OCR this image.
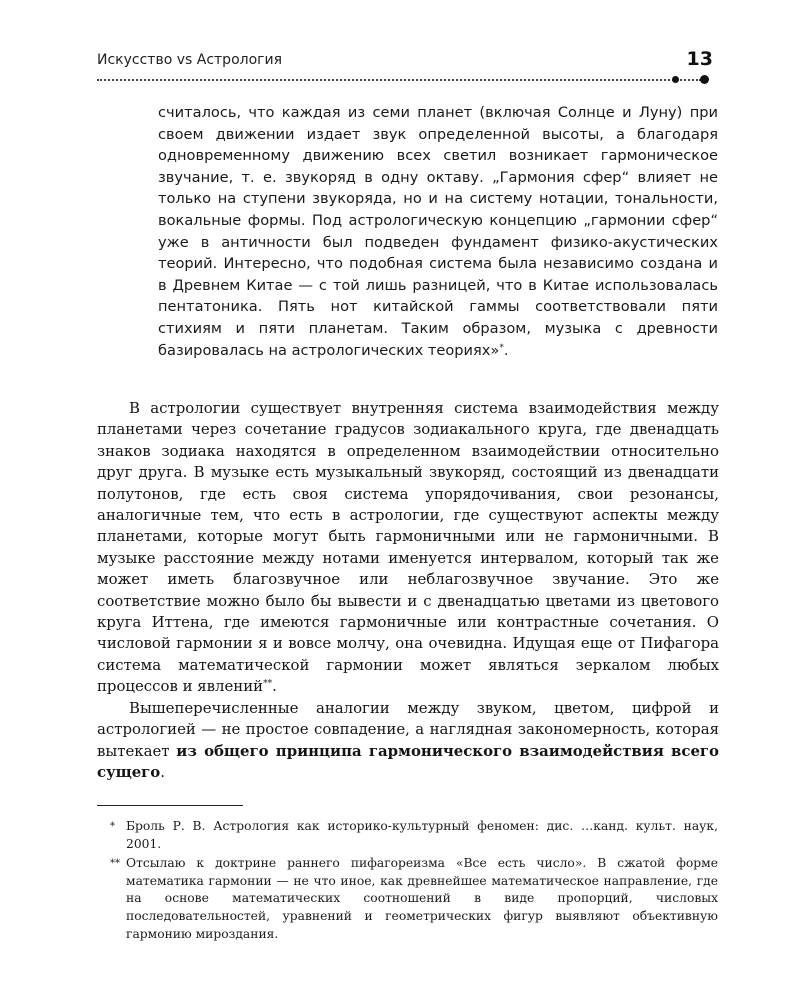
Искусство vs Астрология	13

считалось, что каждая из семи планет (включая Солнце и Луну) при своем движении издает звук определенной высоты, а благодаря одновременному движению всех светил возникает гармоническое звучание, т. е. звукоряд в одну октаву. „Гармония сфер“ влияет не только на ступени звукоряда, но и на систему нотации, тональности, вокальные формы. Под астрологическую концепцию „гармонии сфер“ уже в античности был подведен фундамент физико-акустических теорий. Интересно, что подобная система была независимо создана и в Древнем Китае — с той лишь разницей, что в Китае использовалась пентатоника. Пять нот китайской гаммы соответствовали пяти стихиям и пяти планетам. Таким образом, музыка с древности базировалась на астрологических теориях»*.

В астрологии существует внутренняя система взаимодействия между планетами через сочетание градусов зодиакального круга, где двенадцать знаков зодиака находятся в определенном взаимодействии относительно друг друга. В музыке есть музыкальный звукоряд, состоящий из двенадцати полутонов, где есть своя система упорядочивания, свои резонансы, аналогичные тем, что есть в астрологии, где существуют аспекты между планетами, которые могут быть гармоничными или не гармоничными. В музыке расстояние между нотами именуется интервалом, который так же может иметь благозвучное или неблагозвучное звучание. Это же соответствие можно было бы вывести и с двенадцатью цветами из цветового круга Иттена, где имеются гармоничные или контрастные сочетания. О числовой гармонии я и вовсе молчу, она очевидна. Идущая еще от Пифагора система математической гармонии может являться зеркалом любых процессов и явлений**.

Вышеперечисленные аналогии между звуком, цветом, цифрой и астрологией — не простое совпадение, а наглядная закономерность, которая вытекает из общего принципа гармонического взаимодействия всего сущего.

* Броль Р. В. Астрология как историко-культурный феномен: дис. …канд. культ. наук, 2001.
** Отсылаю к доктрине раннего пифагореизма «Все есть число». В сжатой форме математика гармонии — не что иное, как древнейшее математическое направление, где на основе математических соотношений в виде пропорций, числовых последовательностей, уравнений и геометрических фигур выявляют объективную гармонию мироздания.
